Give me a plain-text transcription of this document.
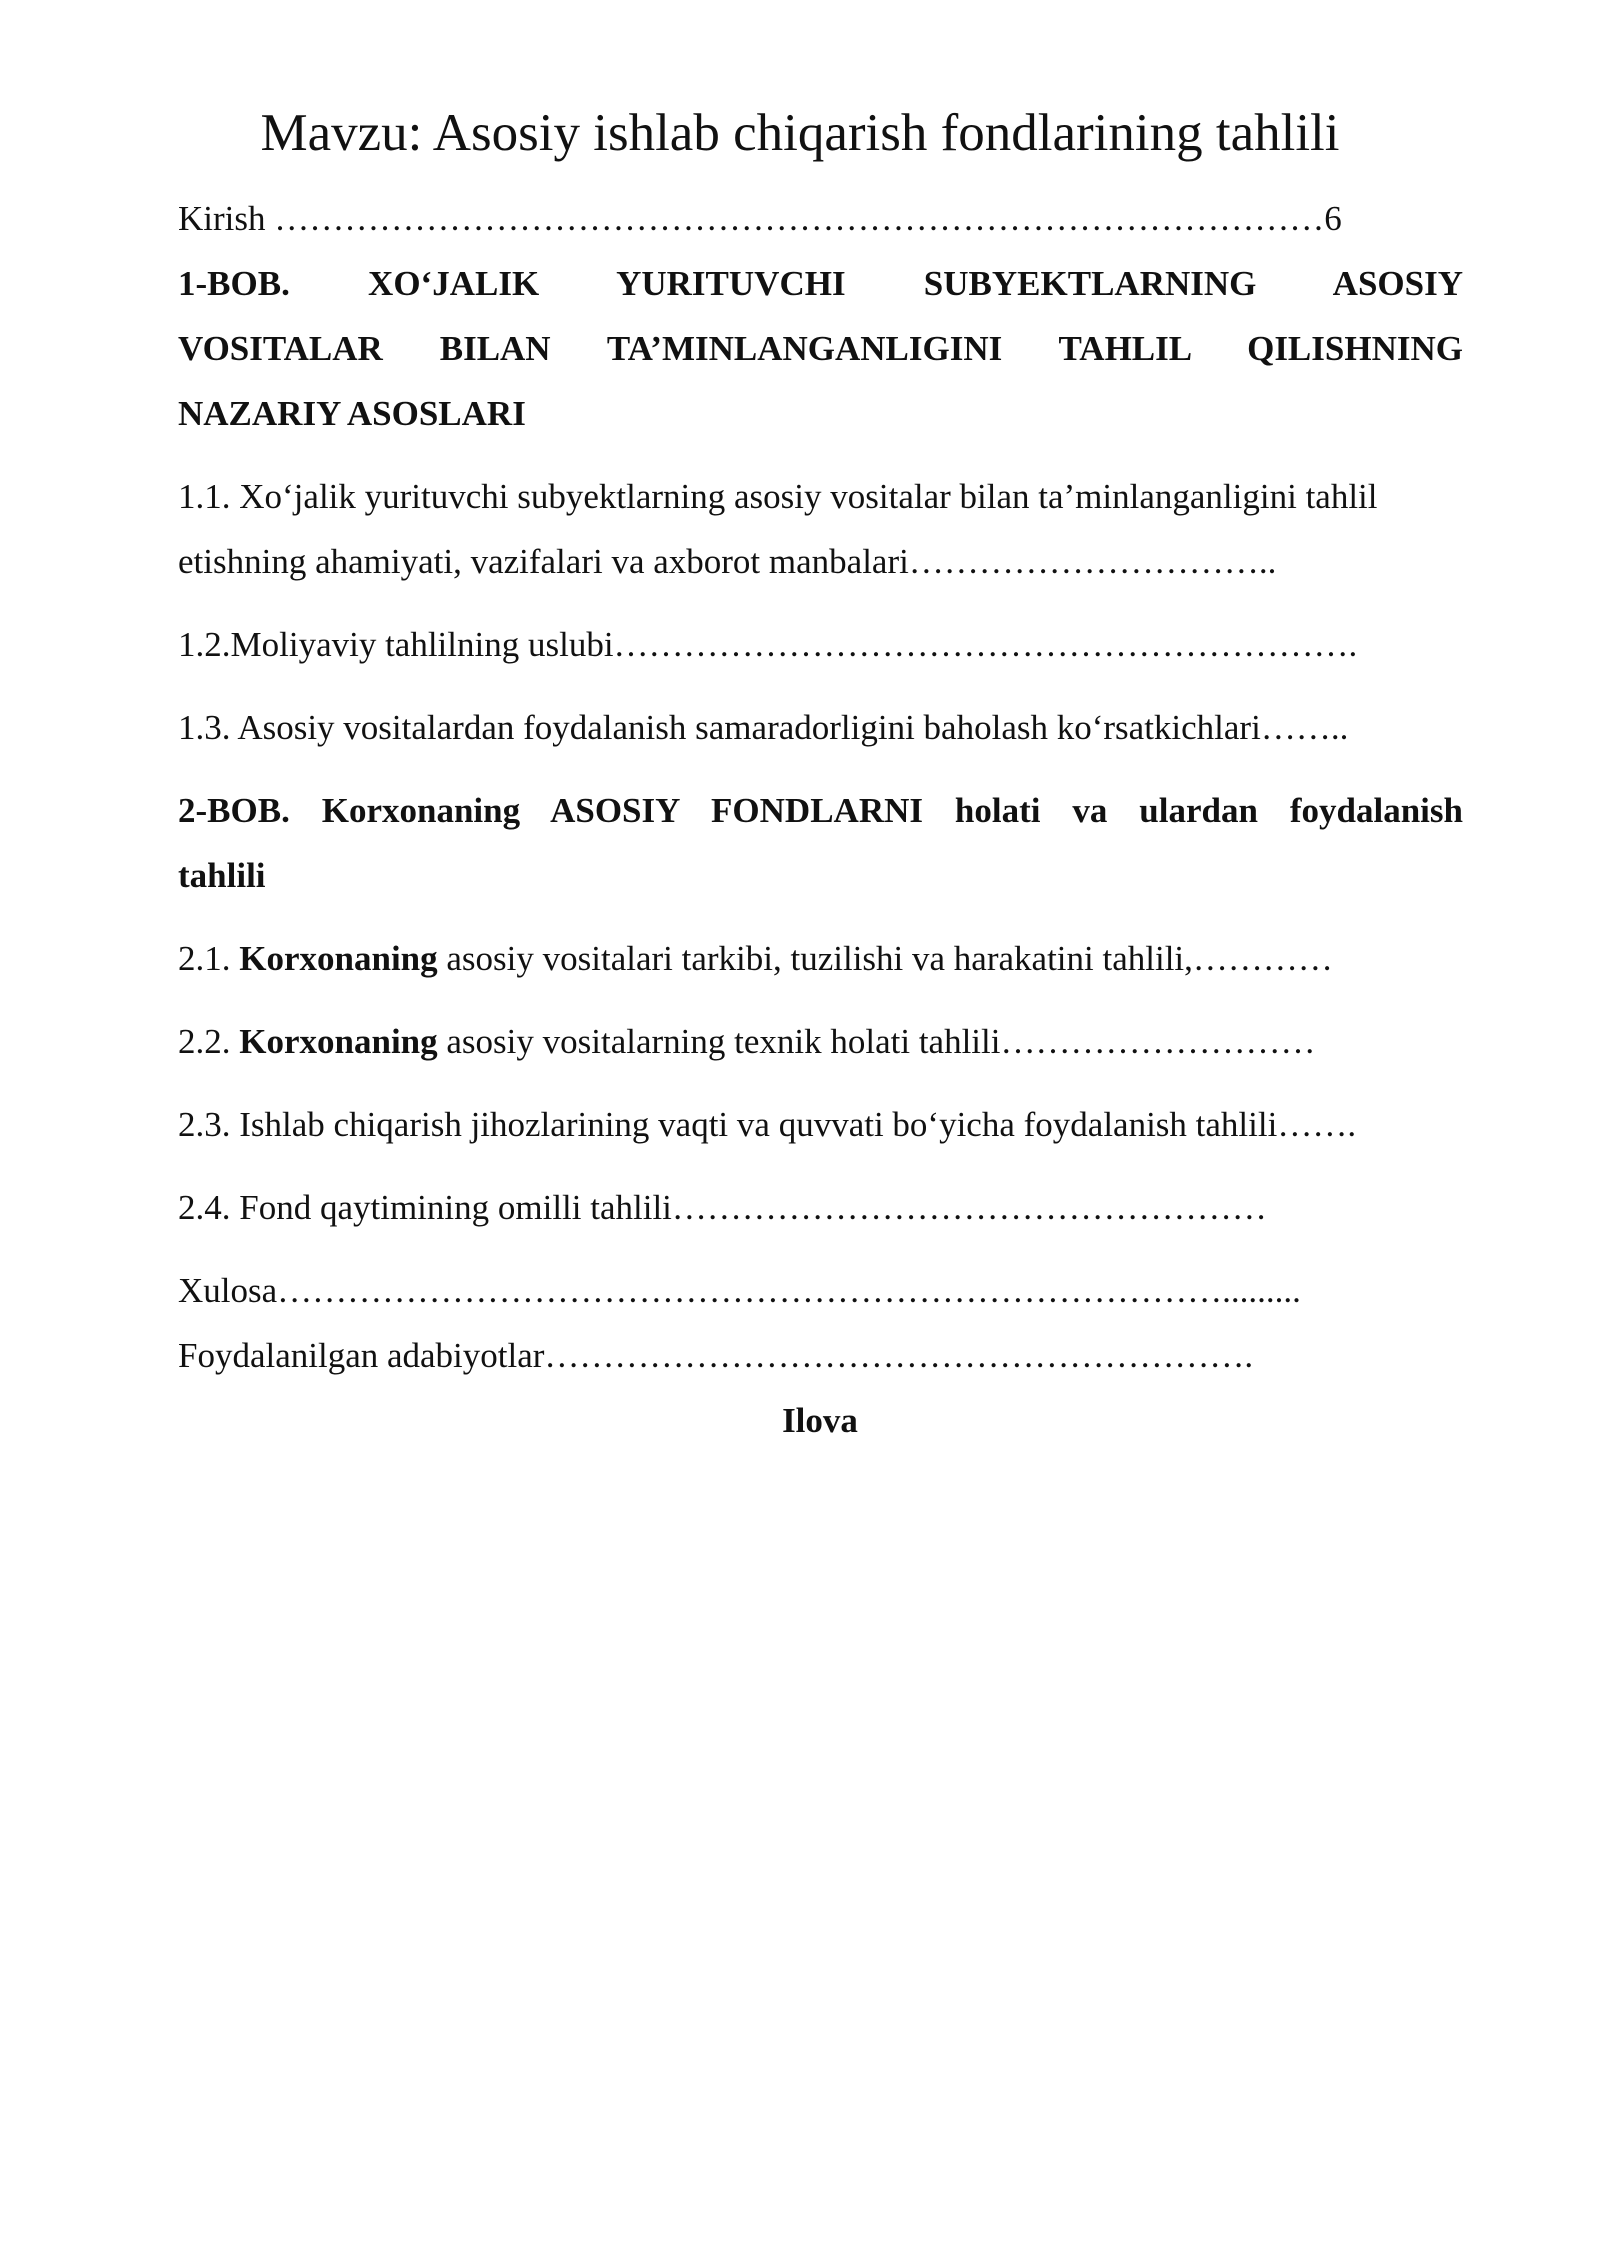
Mavzu: Asosiy ishlab chiqarish fondlarining tahlili
Kirish ………………………………………………………………………………6
1-BOB. XO‘JALIK YURITUVCHI SUBYEKTLARNING ASOSIY
VOSITALAR BILAN TA’MINLANGANLIGINI TAHLIL QILISHNING
NAZARIY ASOSLARI
1.1. Xo‘jalik yurituvchi subyektlarning asosiy vositalar bilan ta’minlanganligini tahlil
etishning ahamiyati, vazifalari va axborot manbalari…………………………..
1.2.Moliyaviy tahlilning uslubi……………………………………………………….
1.3. Asosiy vositalardan foydalanish samaradorligini baholash ko‘rsatkichlari……..
2-BOB. Korxonaning ASOSIY FONDLARNI holati va ulardan foydalanish
tahlili
2.1. Korxonaning asosiy vositalari tarkibi, tuzilishi va harakatini tahlili,…………
2.2. Korxonaning asosiy vositalarning texnik holati tahlili………………………
2.3. Ishlab chiqarish jihozlarining vaqti va quvvati bo‘yicha foydalanish tahlili…….
2.4. Fond qaytimining omilli tahlili……………………………………………
Xulosa……………………………………………………………………….........
Foydalanilgan adabiyotlar…………………………………………………….
Ilova
